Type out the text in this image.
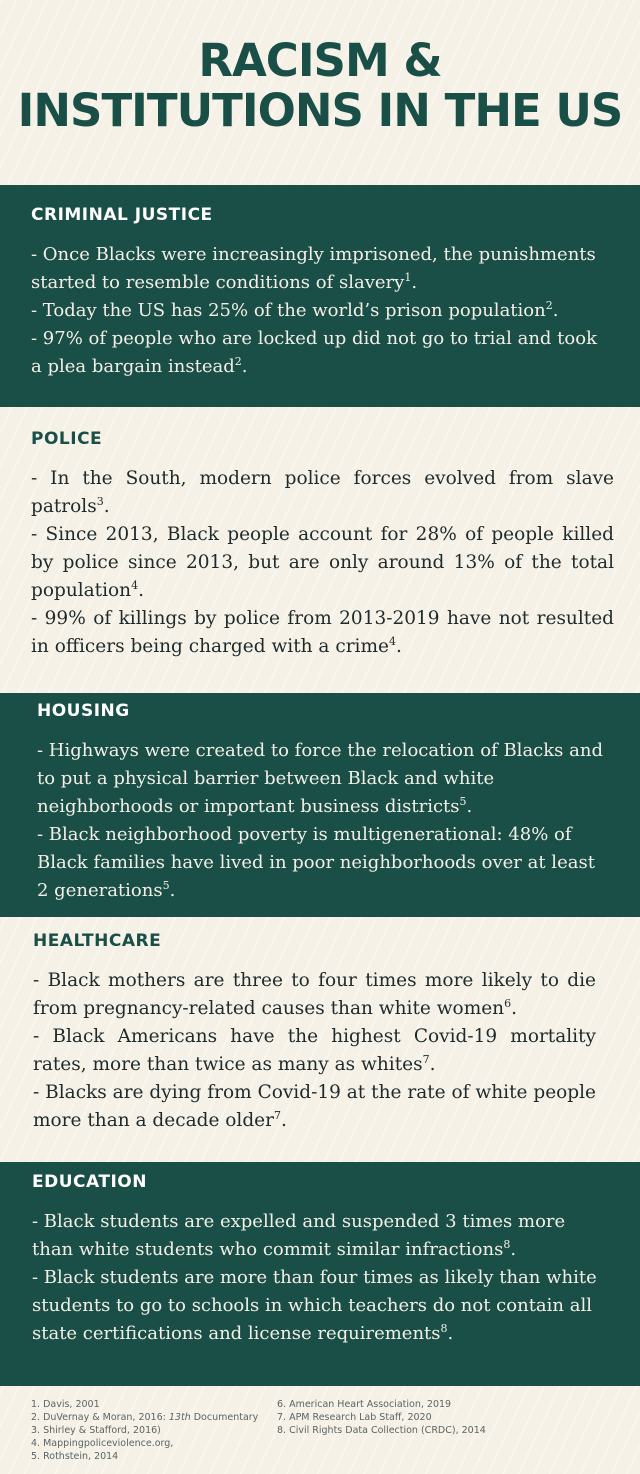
RACISM &
INSTITUTIONS IN THE US
CRIMINAL JUSTICE
- Once Blacks were increasingly imprisoned, the punishments started to resemble conditions of slavery$^1$.
- Today the US has 25% of the world’s prison population$^2$.
- 97% of people who are locked up did not go to trial and took a plea bargain instead$^2$.
POLICE
- In the South, modern police forces evolved from slave patrols$^3$.
- Since 2013, Black people account for 28% of people killed by police since 2013, but are only around 13% of the total population$^4$.
- 99% of killings by police from 2013-2019 have not resulted in officers being charged with a crime$^4$.
HOUSING
- Highways were created to force the relocation of Blacks and to put a physical barrier between Black and white neighborhoods or important business districts$^5$.
- Black neighborhood poverty is multigenerational: 48% of Black families have lived in poor neighborhoods over at least 2 generations$^5$.
HEALTHCARE
- Black mothers are three to four times more likely to die from pregnancy-related causes than white women$^6$.
- Black Americans have the highest Covid-19 mortality rates, more than twice as many as whites$^7$.
- Blacks are dying from Covid-19 at the rate of white people more than a decade older$^7$.
EDUCATION
- Black students are expelled and suspended 3 times more than white students who commit similar infractions$^8$.
- Black students are more than four times as likely than white students to go to schools in which teachers do not contain all state certifications and license requirements$^8$.
1. Davis, 2001
2. DuVernay & Moran, 2016: 13th Documentary
3. Shirley & Stafford, 2016)
4. Mappingpoliceviolence.org,
5. Rothstein, 2014
6. American Heart Association, 2019
7. APM Research Lab Staff, 2020
8. Civil Rights Data Collection (CRDC), 2014
